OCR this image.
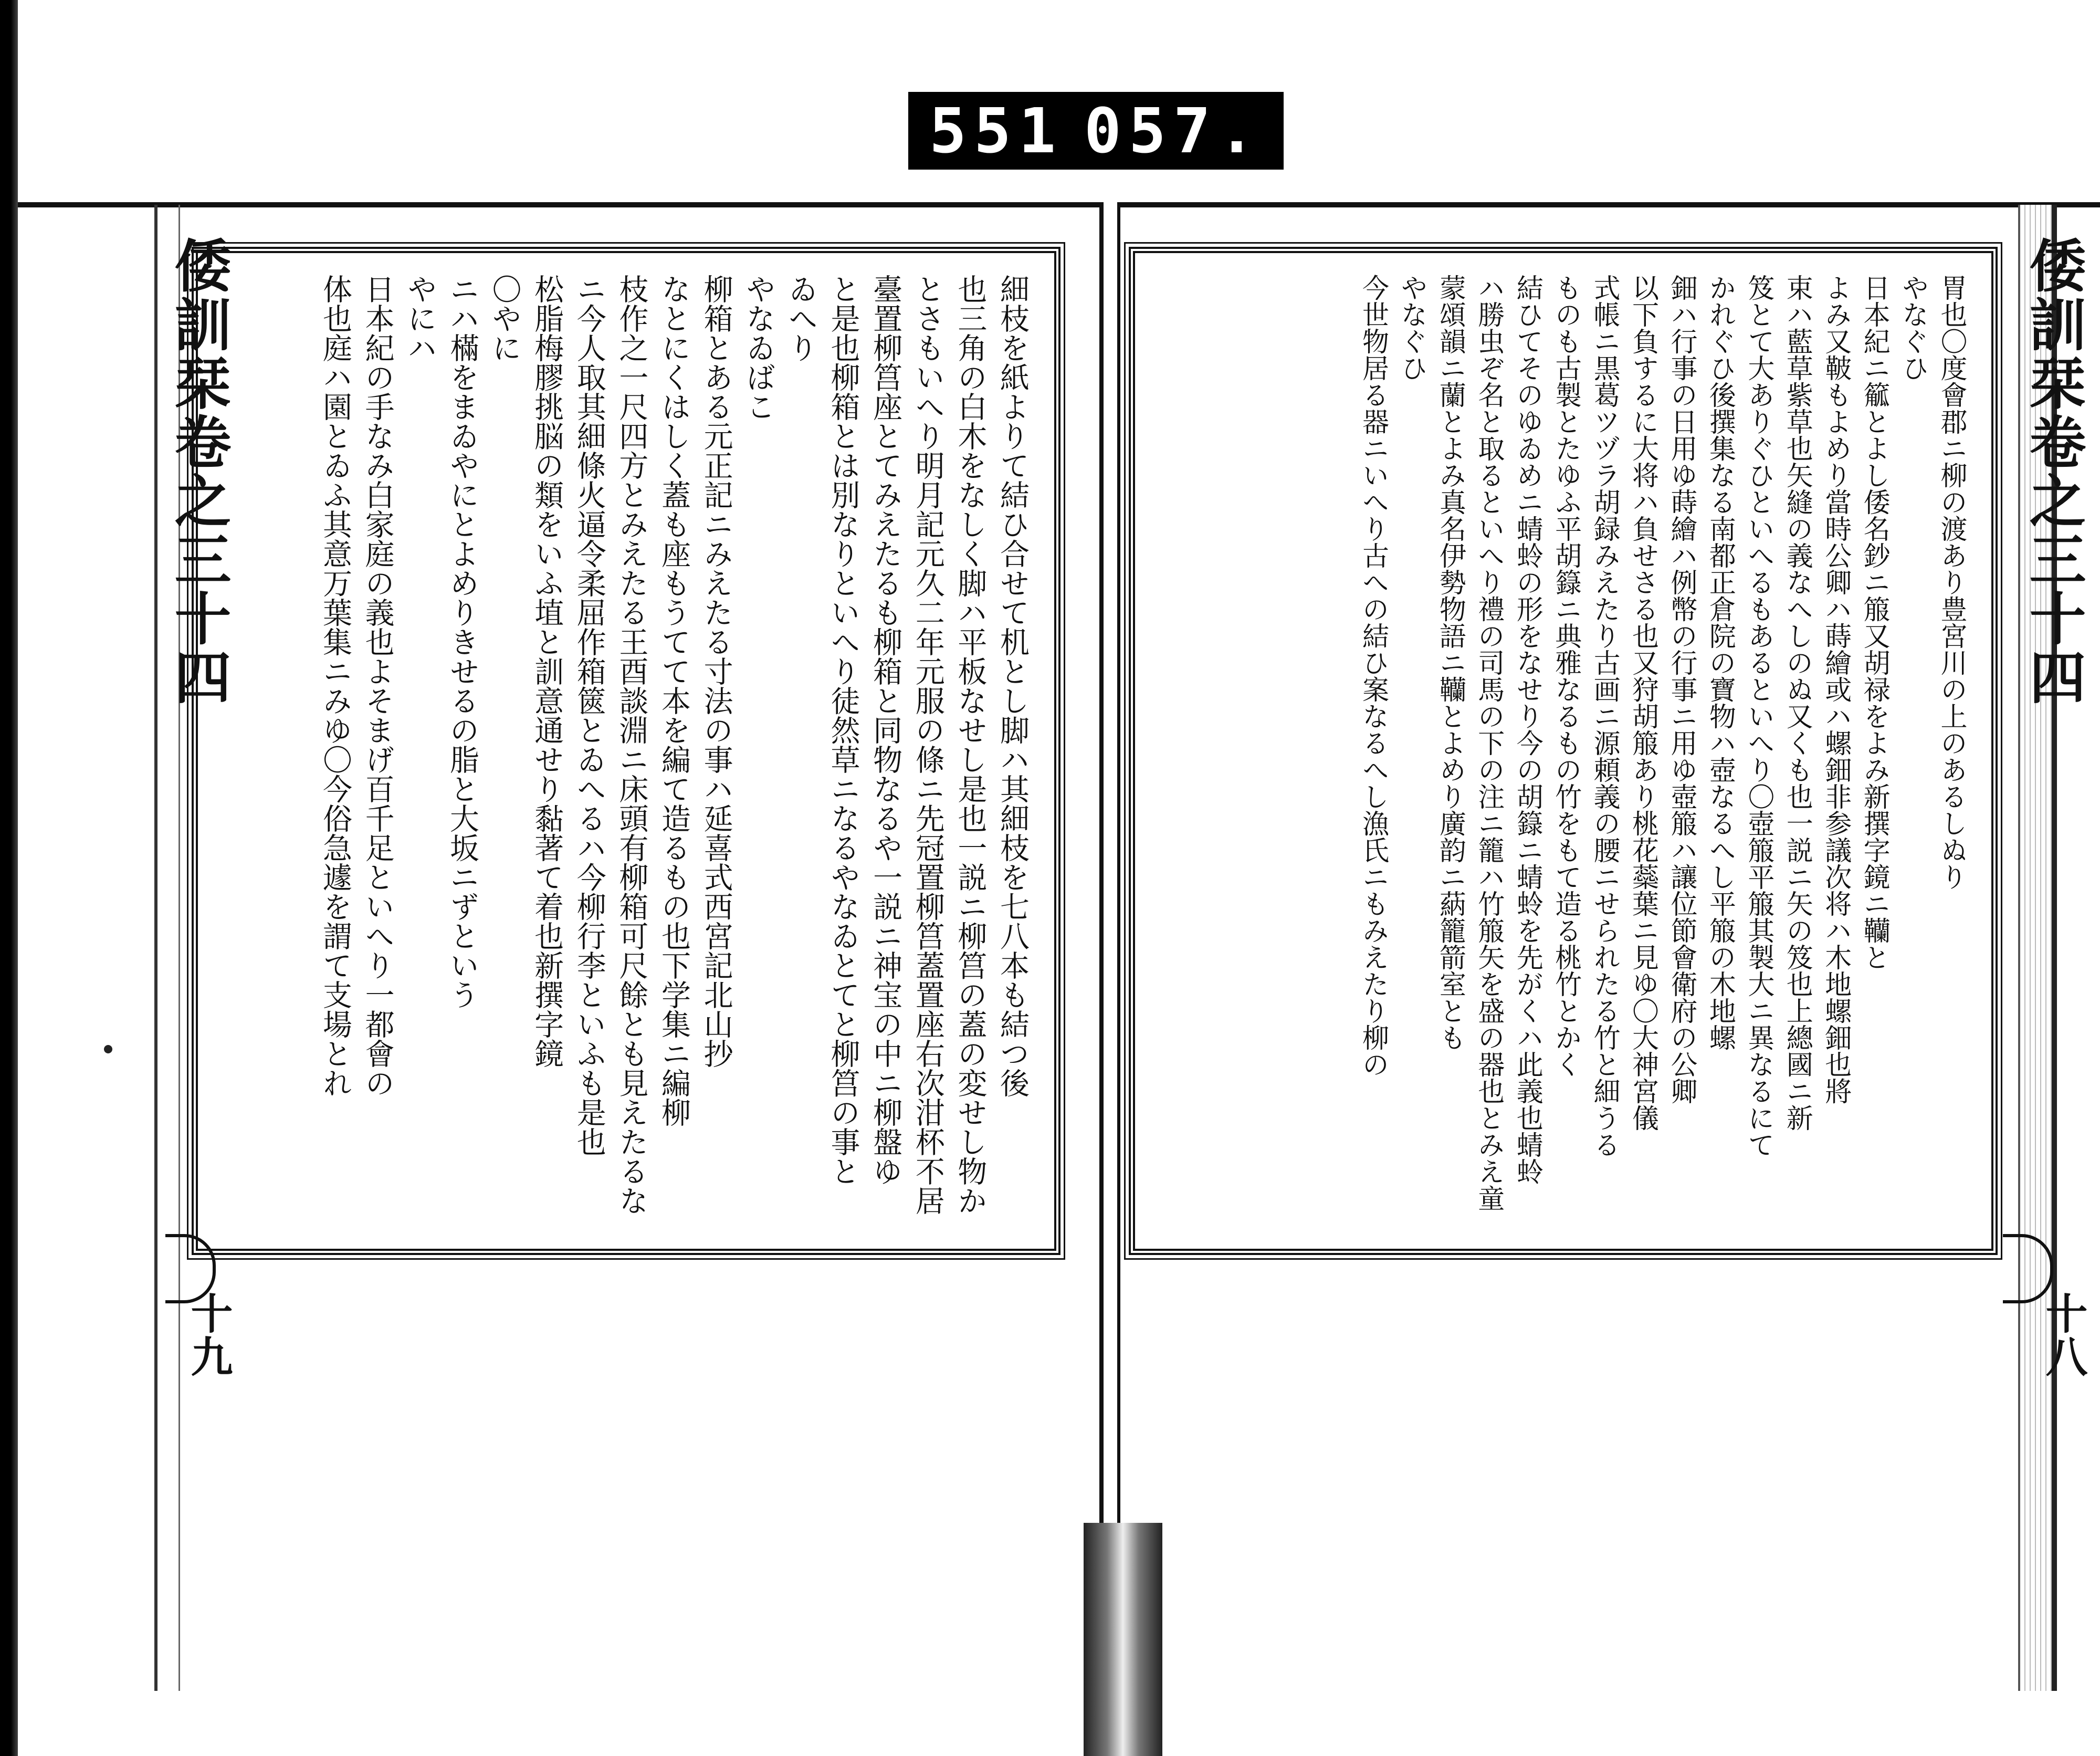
551 057.
倭訓栞卷之三十四
十九
倭訓栞卷之三十四
十八

細枝を紙よりて結ひ合せて机とし脚ハ其細枝を七八本も結つ後

也三角の白木をなしく脚ハ平板なせし是也一説ニ柳筥の蓋の変せし物か

とさもいへり明月記元久二年元服の條ニ先冠置柳筥蓋置座右次泔杯不居

臺置柳筥座とてみえたるも柳箱と同物なるや一説ニ神宝の中ニ柳盤ゆ

と是也柳箱とは別なりといへり徒然草ニなるやなゐとてと柳筥の事と

ゐへり

やなゐばこ

柳箱とある元正記ニみえたる寸法の事ハ延喜式西宮記北山抄

なとにくはしく蓋も座もうてて本を編て造るもの也下学集ニ編柳

枝作之一尺四方とみえたる王酉談淵ニ床頭有柳箱可尺餘とも見えたるな

ニ今人取其細條火逼令柔屈作箱篋とゐへるハ今柳行李といふも是也

松脂梅膠挑脳の類をいふ埴と訓意通せり黏著て着也新撰字鏡

〇やに

ニハ樠をまゐやにとよめりきせるの脂と大坂ニずという

やにハ

日本紀の手なみ白家庭の義也よそまげ百千足といへり一都會の

体也庭ハ園とゐふ其意万葉集ニみゆ〇今俗急遽を謂て支場とれ	胃也〇度會郡ニ柳の渡あり豊宮川の上のあるしぬり

やなぐひ

日本紀ニ䉉とよし倭名鈔ニ箙又胡禄をよみ新撰字鏡ニ韊と

よみ又鞁もよめり當時公卿ハ蒔繪或ハ螺鈿非参議次将ハ木地螺鈿也將

束ハ藍草紫草也矢縫の義なへしのぬ又くも也一説ニ矢の笈也上總國ニ新

笈とて大ありぐひといへるもあるといへり〇壺箙平箙其製大ニ異なるにて

かれぐひ後撰集なる南都正倉院の寶物ハ壺なるへし平箙の木地螺

鈿ハ行事の日用ゆ蒔繪ハ例幣の行事ニ用ゆ壺箙ハ讓位節會衛府の公卿

以下負するに大将ハ負せさる也又狩胡箙あり桃花蘂葉ニ見ゆ〇大神宮儀

式帳ニ黒葛ツヅラ胡録みえたり古画ニ源頼義の腰ニせられたる竹と細うる

ものも古製とたゆふ平胡籙ニ典雅なるもの竹をもて造る桃竹とかく

結ひてそのゆゐめニ蜻蛉の形をなせり今の胡籙ニ蜻蛉を先がくハ此義也蜻蛉

ハ勝虫ぞ名と取るといへり禮の司馬の下の注ニ籠ハ竹箙矢を盛の器也とみえ童

蒙頌韻ニ蘭とよみ真名伊勢物語ニ韊とよめり廣韵ニ蒳籠箭室とも

やなぐひ

今世物居る器ニいへり古への結ひ案なるへし漁氏ニもみえたり柳の
